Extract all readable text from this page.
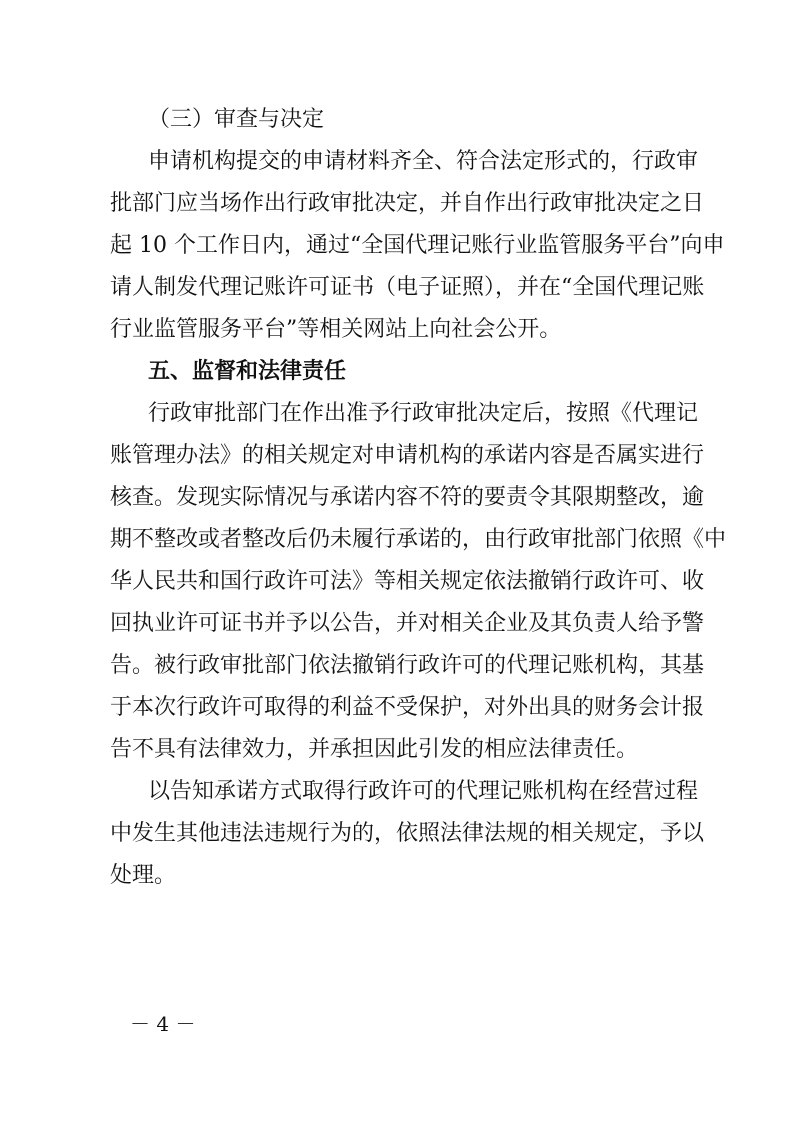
（三）审查与决定
申请机构提交的申请材料齐全、符合法定形式的，行政审
批部门应当场作出行政审批决定，并自作出行政审批决定之日
起 10 个工作日内，通过“全国代理记账行业监管服务平台”向申
请人制发代理记账许可证书（电子证照），并在“全国代理记账
行业监管服务平台”等相关网站上向社会公开。
五、监督和法律责任
行政审批部门在作出准予行政审批决定后，按照《代理记
账管理办法》的相关规定对申请机构的承诺内容是否属实进行
核查。发现实际情况与承诺内容不符的要责令其限期整改，逾
期不整改或者整改后仍未履行承诺的，由行政审批部门依照《中
华人民共和国行政许可法》等相关规定依法撤销行政许可、收
回执业许可证书并予以公告，并对相关企业及其负责人给予警
告。被行政审批部门依法撤销行政许可的代理记账机构，其基
于本次行政许可取得的利益不受保护，对外出具的财务会计报
告不具有法律效力，并承担因此引发的相应法律责任。
以告知承诺方式取得行政许可的代理记账机构在经营过程
中发生其他违法违规行为的，依照法律法规的相关规定，予以
处理。
－ 4 －
